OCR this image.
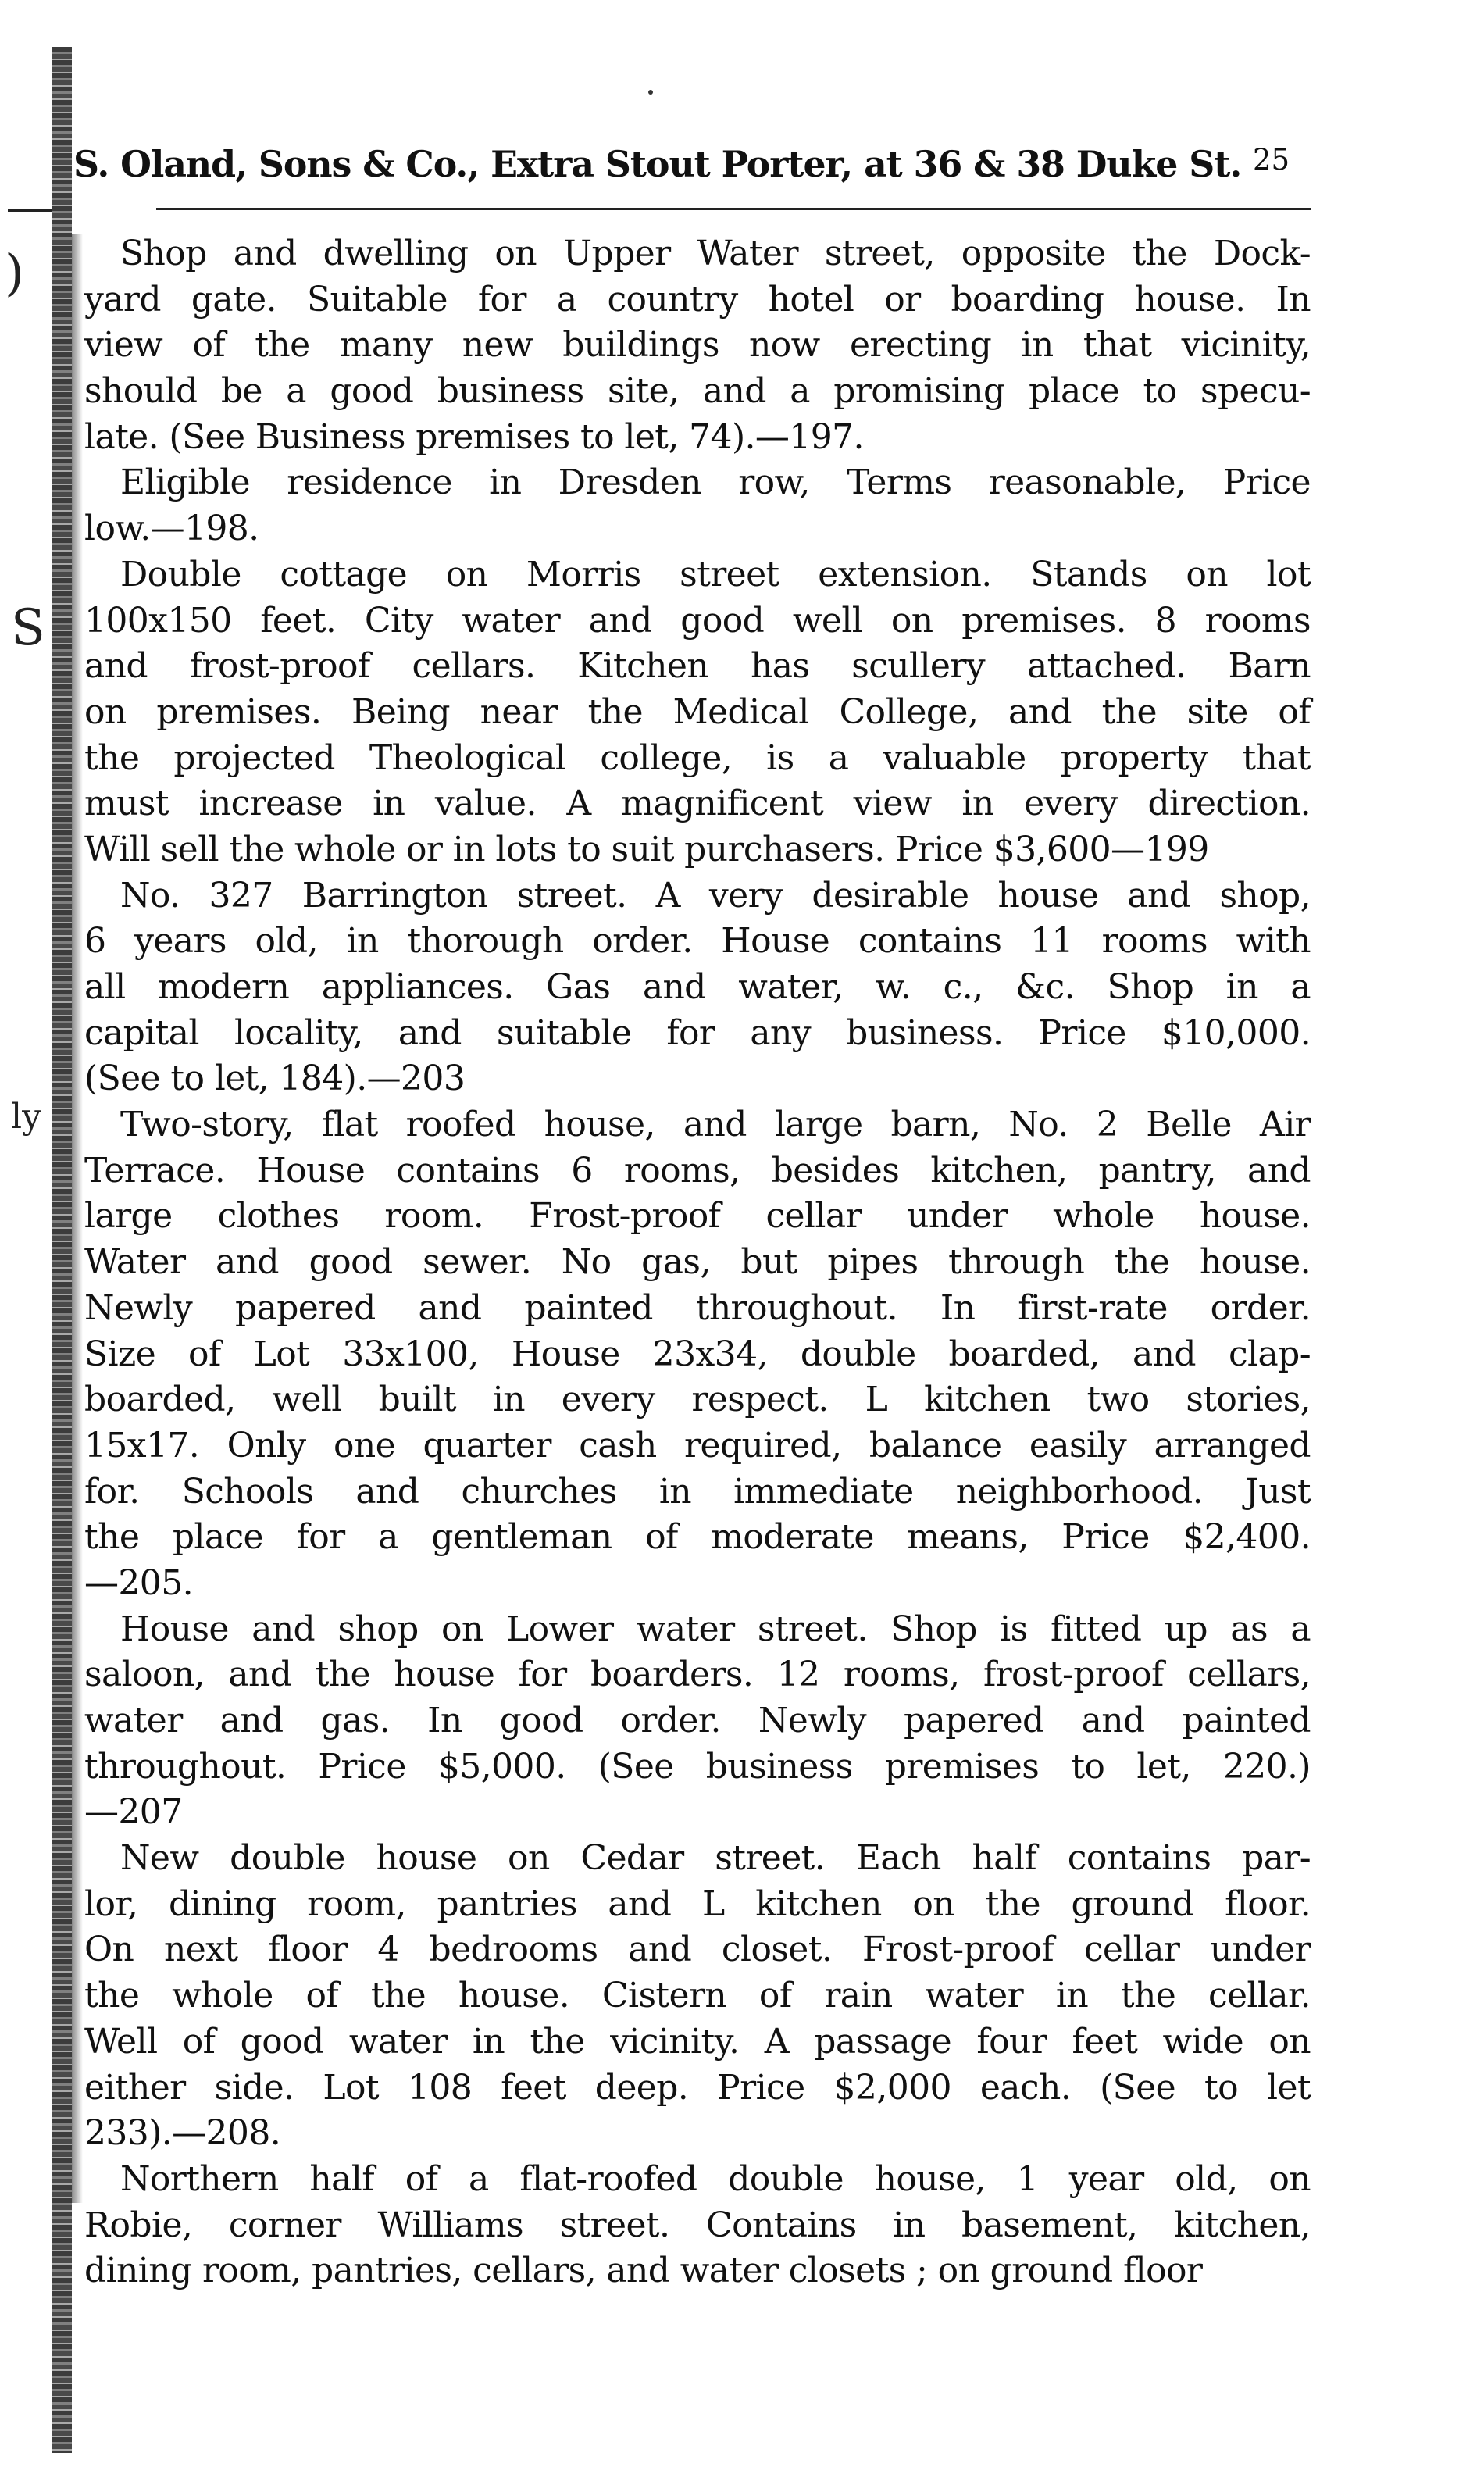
)
S
ly
S. Oland, Sons & Co., Extra Stout Porter, at 36 & 38 Duke St. 25
Shop and dwelling on Upper Water street, opposite the Dock-
yard gate. Suitable for a country hotel or boarding house. In
view of the many new buildings now erecting in that vicinity,
should be a good business site, and a promising place to specu-
late. (See Business premises to let, 74).—197.
Eligible residence in Dresden row, Terms reasonable, Price
low.—198.
Double cottage on Morris street extension. Stands on lot
100x150 feet. City water and good well on premises. 8 rooms
and frost-proof cellars. Kitchen has scullery attached. Barn
on premises. Being near the Medical College, and the site of
the projected Theological college, is a valuable property that
must increase in value. A magnificent view in every direction.
Will sell the whole or in lots to suit purchasers. Price $3,600—199
No. 327 Barrington street. A very desirable house and shop,
6 years old, in thorough order. House contains 11 rooms with
all modern appliances. Gas and water, w. c., &c. Shop in a
capital locality, and suitable for any business. Price $10,000.
(See to let, 184).—203
Two-story, flat roofed house, and large barn, No. 2 Belle Air
Terrace. House contains 6 rooms, besides kitchen, pantry, and
large clothes room. Frost-proof cellar under whole house.
Water and good sewer. No gas, but pipes through the house.
Newly papered and painted throughout. In first-rate order.
Size of Lot 33x100, House 23x34, double boarded, and clap-
boarded, well built in every respect. L kitchen two stories,
15x17. Only one quarter cash required, balance easily arranged
for. Schools and churches in immediate neighborhood. Just
the place for a gentleman of moderate means, Price $2,400.
—205.
House and shop on Lower water street. Shop is fitted up as a
saloon, and the house for boarders. 12 rooms, frost-proof cellars,
water and gas. In good order. Newly papered and painted
throughout. Price $5,000. (See business premises to let, 220.)
—207
New double house on Cedar street. Each half contains par-
lor, dining room, pantries and L kitchen on the ground floor.
On next floor 4 bedrooms and closet. Frost-proof cellar under
the whole of the house. Cistern of rain water in the cellar.
Well of good water in the vicinity. A passage four feet wide on
either side. Lot 108 feet deep. Price $2,000 each. (See to let
233).—208.
Northern half of a flat-roofed double house, 1 year old, on
Robie, corner Williams street. Contains in basement, kitchen,
dining room, pantries, cellars, and water closets ; on ground floor
